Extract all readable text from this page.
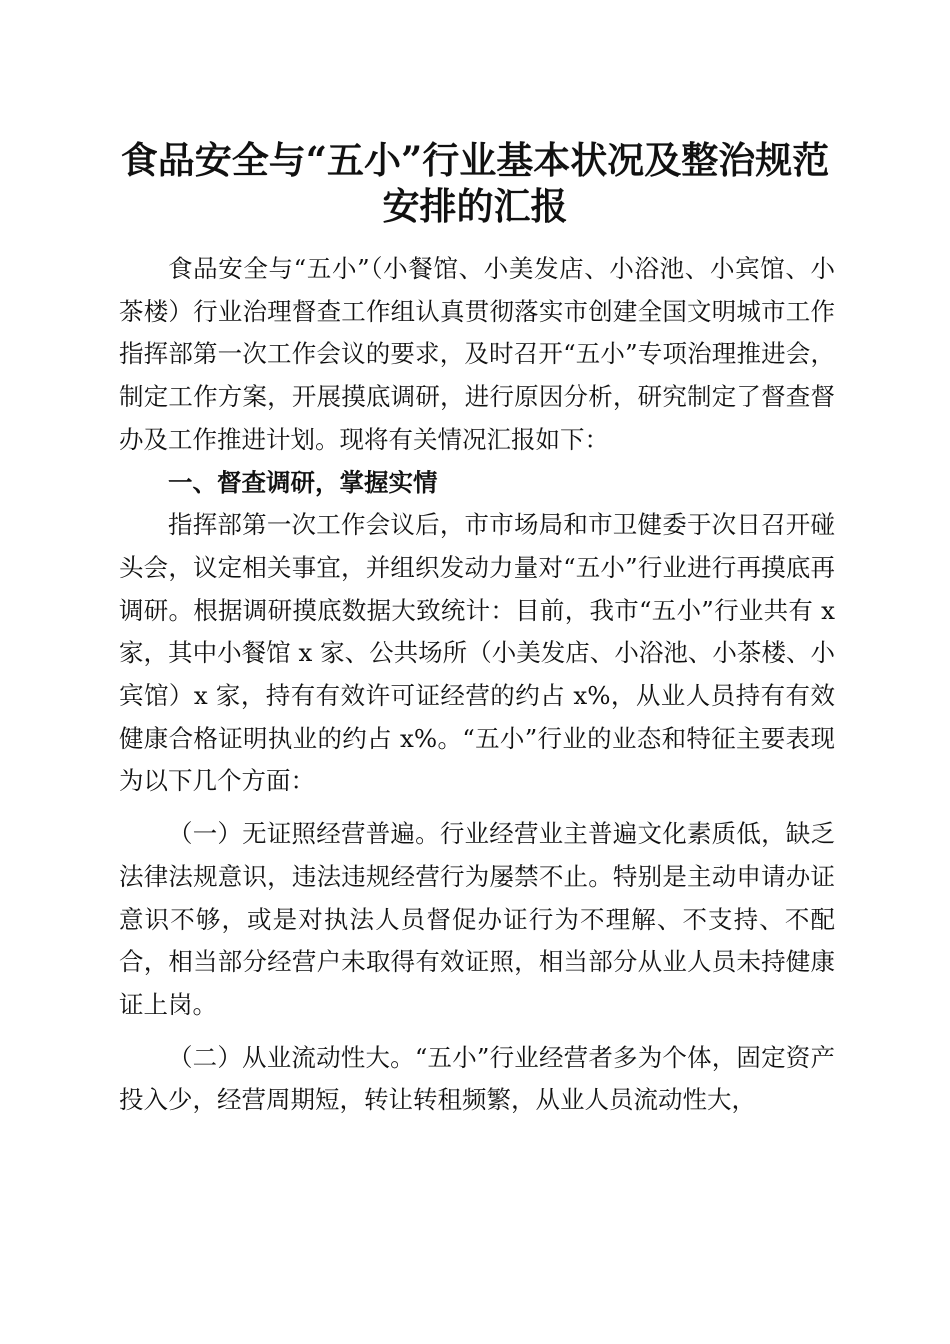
食品安全与“五小”行业基本状况及整治规范
安排的汇报

食品安全与“五小”（小餐馆、小美发店、小浴池、小宾馆、小茶楼）行业治理督查工作组认真贯彻落实市创建全国文明城市工作指挥部第一次工作会议的要求，及时召开“五小”专项治理推进会，制定工作方案，开展摸底调研，进行原因分析，研究制定了督查督办及工作推进计划。现将有关情况汇报如下：

一、督查调研，掌握实情

指挥部第一次工作会议后，市市场局和市卫健委于次日召开碰头会，议定相关事宜，并组织发动力量对“五小”行业进行再摸底再调研。根据调研摸底数据大致统计：目前，我市“五小”行业共有 x 家，其中小餐馆 x 家、公共场所（小美发店、小浴池、小茶楼、小宾馆）x 家，持有有效许可证经营的约占 x%，从业人员持有有效健康合格证明执业的约占 x%。“五小”行业的业态和特征主要表现为以下几个方面：

（一）无证照经营普遍。行业经营业主普遍文化素质低，缺乏法律法规意识，违法违规经营行为屡禁不止。特别是主动申请办证意识不够，或是对执法人员督促办证行为不理解、不支持、不配合，相当部分经营户未取得有效证照，相当部分从业人员未持健康证上岗。

（二）从业流动性大。“五小”行业经营者多为个体，固定资产投入少，经营周期短，转让转租频繁，从业人员流动性大，
